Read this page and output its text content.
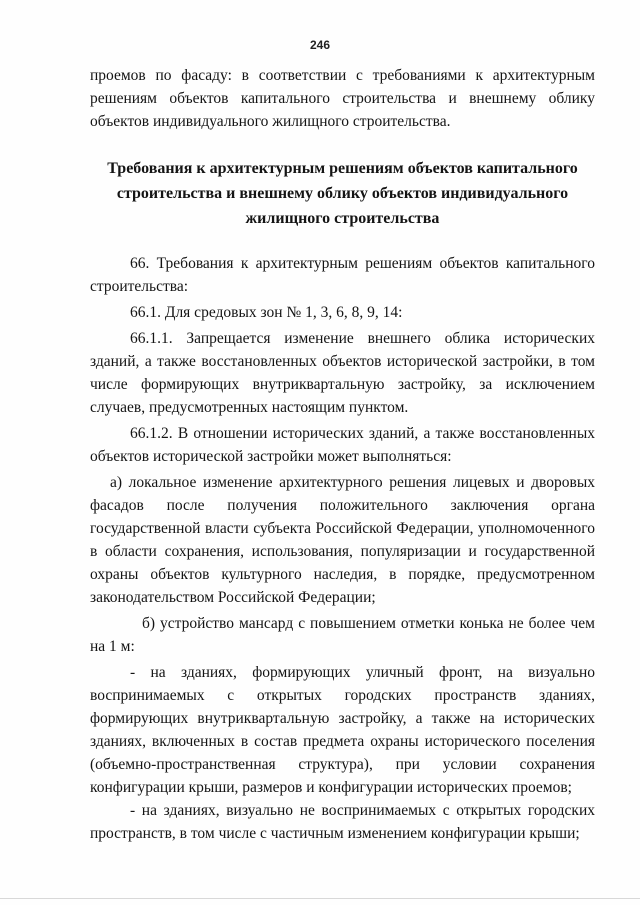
246

проемов по фасаду: в соответствии с требованиями к архитектурным решениям объектов капитального строительства и внешнему облику объектов индивидуального жилищного строительства.

Требования к архитектурным решениям объектов капитального строительства и внешнему облику объектов индивидуального жилищного строительства

66. Требования к архитектурным решениям объектов капитального строительства:

66.1. Для средовых зон № 1, 3, 6, 8, 9, 14:

66.1.1. Запрещается изменение внешнего облика исторических зданий, а также восстановленных объектов исторической застройки, в том числе формирующих внутриквартальную застройку, за исключением случаев, предусмотренных настоящим пунктом.

66.1.2. В отношении исторических зданий, а также восстановленных объектов исторической застройки может выполняться:

а) локальное изменение архитектурного решения лицевых и дворовых фасадов после получения положительного заключения органа государственной власти субъекта Российской Федерации, уполномоченного в области сохранения, использования, популяризации и государственной охраны объектов культурного наследия, в порядке, предусмотренном законодательством Российской Федерации;

б) устройство мансард с повышением отметки конька не более чем на 1 м:

- на зданиях, формирующих уличный фронт, на визуально воспринимаемых с открытых городских пространств зданиях, формирующих внутриквартальную застройку, а также на исторических зданиях, включенных в состав предмета охраны исторического поселения (объемно-пространственная структура), при условии сохранения конфигурации крыши, размеров и конфигурации исторических проемов;

- на зданиях, визуально не воспринимаемых с открытых городских пространств, в том числе с частичным изменением конфигурации крыши;
